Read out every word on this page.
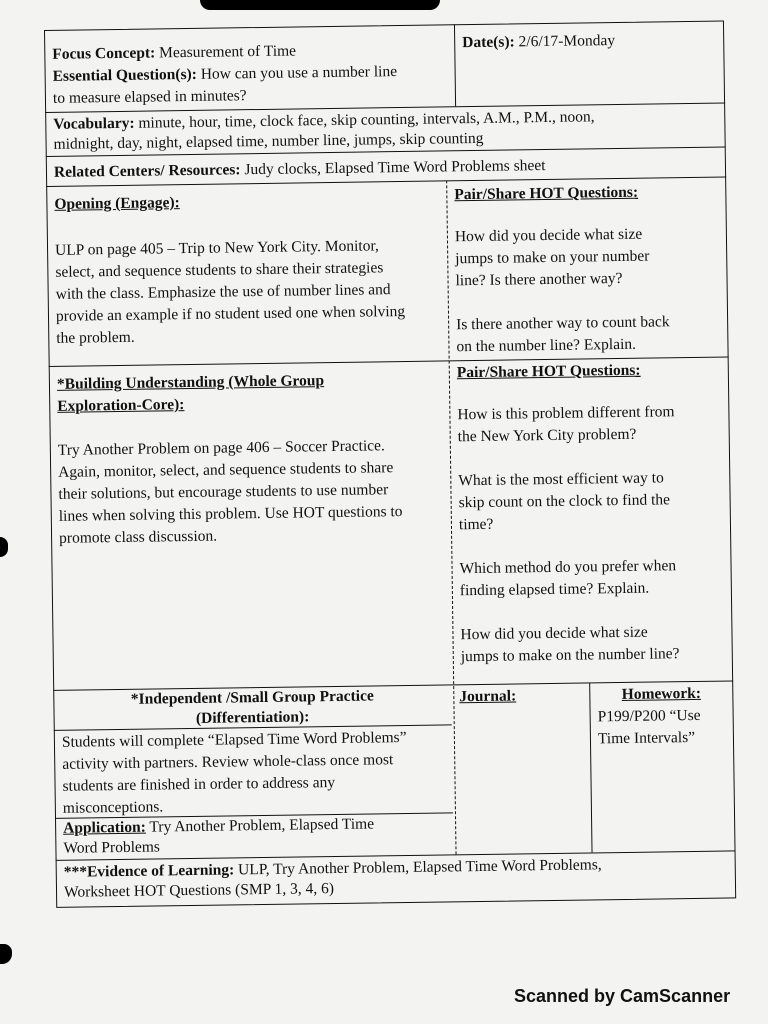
Focus Concept: Measurement of Time
Date(s): 2/6/17-Monday
Essential Question(s): How can you use a number line
to measure elapsed in minutes?
Vocabulary: minute, hour, time, clock face, skip counting, intervals, A.M., P.M., noon,
midnight, day, night, elapsed time, number line, jumps, skip counting
Related Centers/ Resources: Judy clocks, Elapsed Time Word Problems sheet
Opening (Engage):
ULP on page 405 – Trip to New York City. Monitor,
select, and sequence students to share their strategies
with the class. Emphasize the use of number lines and
provide an example if no student used one when solving
the problem.
Pair/Share HOT Questions:
How did you decide what size
jumps to make on your number
line? Is there another way?
Is there another way to count back
on the number line? Explain.
*Building Understanding (Whole Group
Exploration-Core):
Try Another Problem on page 406 – Soccer Practice.
Again, monitor, select, and sequence students to share
their solutions, but encourage students to use number
lines when solving this problem. Use HOT questions to
promote class discussion.
Pair/Share HOT Questions:
How is this problem different from
the New York City problem?
What is the most efficient way to
skip count on the clock to find the
time?
Which method do you prefer when
finding elapsed time? Explain.
How did you decide what size
jumps to make on the number line?
*Independent /Small Group Practice
(Differentiation):
Students will complete “Elapsed Time Word Problems”
activity with partners. Review whole-class once most
students are finished in order to address any
misconceptions.
Application: Try Another Problem, Elapsed Time
Word Problems
Journal:	Homework:
P199/P200 “Use
Time Intervals”
***Evidence of Learning: ULP, Try Another Problem, Elapsed Time Word Problems,
Worksheet HOT Questions (SMP 1, 3, 4, 6)
Scanned by CamScanner
